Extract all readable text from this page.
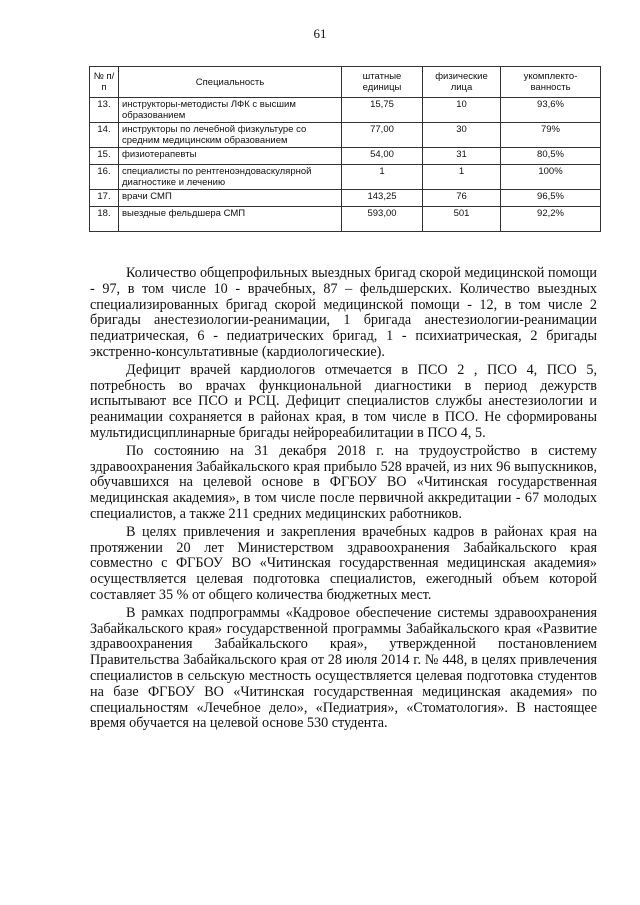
61
№ п/п	Специальность	штатные единицы	физические лица	укомплекто-ванность
13.	инструкторы-методисты ЛФК с высшим образованием	15,75	10	93,6%
14.	инструкторы по лечебной физкультуре со средним медицинским образованием	77,00	30	79%
15.	физиотерапевты	54,00	31	80,5%
16.	специалисты по рентгеноэндоваскулярной диагностике и лечению	1	1	100%
17.	врачи СМП	143,25	76	96,5%
18.	выездные фельдшера СМП	593,00	501	92,2%

Количество общепрофильных выездных бригад скорой медицинской помощи - 97, в том числе 10 - врачебных, 87 – фельдшерских. Количество выездных специализированных бригад скорой медицинской помощи - 12, в том числе 2 бригады анестезиологии-реанимации, 1 бригада анестезиологии-реанимации педиатрическая, 6 - педиатрических бригад, 1 - психиатрическая, 2 бригады экстренно-консультативные (кардиологические).

Дефицит врачей кардиологов отмечается в ПСО 2 , ПСО 4, ПСО 5, потребность во врачах функциональной диагностики в период дежурств испытывают все ПСО и РСЦ. Дефицит специалистов службы анестезиологии и реанимации сохраняется в районах края, в том числе в ПСО. Не сформированы мультидисциплинарные бригады нейрореабилитации в ПСО 4, 5.

По состоянию на 31 декабря 2018 г. на трудоустройство в систему здравоохранения Забайкальского края прибыло 528 врачей, из них 96 выпускников, обучавшихся на целевой основе в ФГБОУ ВО «Читинская государственная медицинская академия», в том числе после первичной аккредитации - 67 молодых специалистов, а также 211 средних медицинских работников.

В целях привлечения и закрепления врачебных кадров в районах края на протяжении 20 лет Министерством здравоохранения Забайкальского края совместно с ФГБОУ ВО «Читинская государственная медицинская академия» осуществляется целевая подготовка специалистов, ежегодный объем которой составляет 35 % от общего количества бюджетных мест.

В рамках подпрограммы «Кадровое обеспечение системы здравоохранения Забайкальского края» государственной программы Забайкальского края «Развитие здравоохранения Забайкальского края», утвержденной постановлением Правительства Забайкальского края от 28 июля 2014 г. № 448, в целях привлечения специалистов в сельскую местность осуществляется целевая подготовка студентов на базе ФГБОУ ВО «Читинская государственная медицинская академия» по специальностям «Лечебное дело», «Педиатрия», «Стоматология». В настоящее время обучается на целевой основе 530 студента.
